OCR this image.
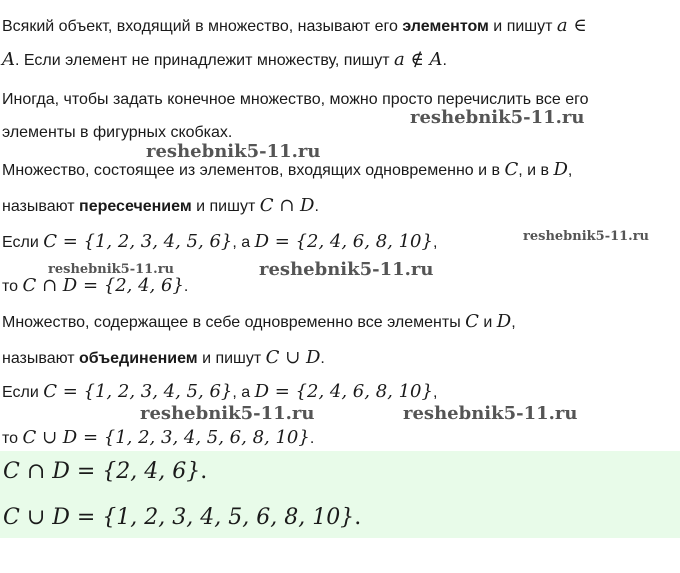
Всякий объект, входящий в множество, называют его элементом и пишут a ∈
A. Если элемент не принадлежит множеству, пишут a ∉ A.
Иногда, чтобы задать конечное множество, можно просто перечислить все его
элементы в фигурных скобках.
Множество, состоящее из элементов, входящих одновременно и в C, и в D,
называют пересечением и пишут C ∩ D.
Если C = {1, 2, 3, 4, 5, 6}, а D = {2, 4, 6, 8, 10},
то C ∩ D = {2, 4, 6}.
Множество, содержащее в себе одновременно все элементы C и D,
называют объединением и пишут C ∪ D.
Если C = {1, 2, 3, 4, 5, 6}, а D = {2, 4, 6, 8, 10},
то C ∪ D = {1, 2, 3, 4, 5, 6, 8, 10}.
C ∩ D = {2, 4, 6}.
C ∪ D = {1, 2, 3, 4, 5, 6, 8, 10}.
reshebnik5-11.ru
reshebnik5-11.ru
reshebnik5-11.ru
reshebnik5-11.ru	reshebnik5-11.ru
reshebnik5-11.ru	reshebnik5-11.ru
